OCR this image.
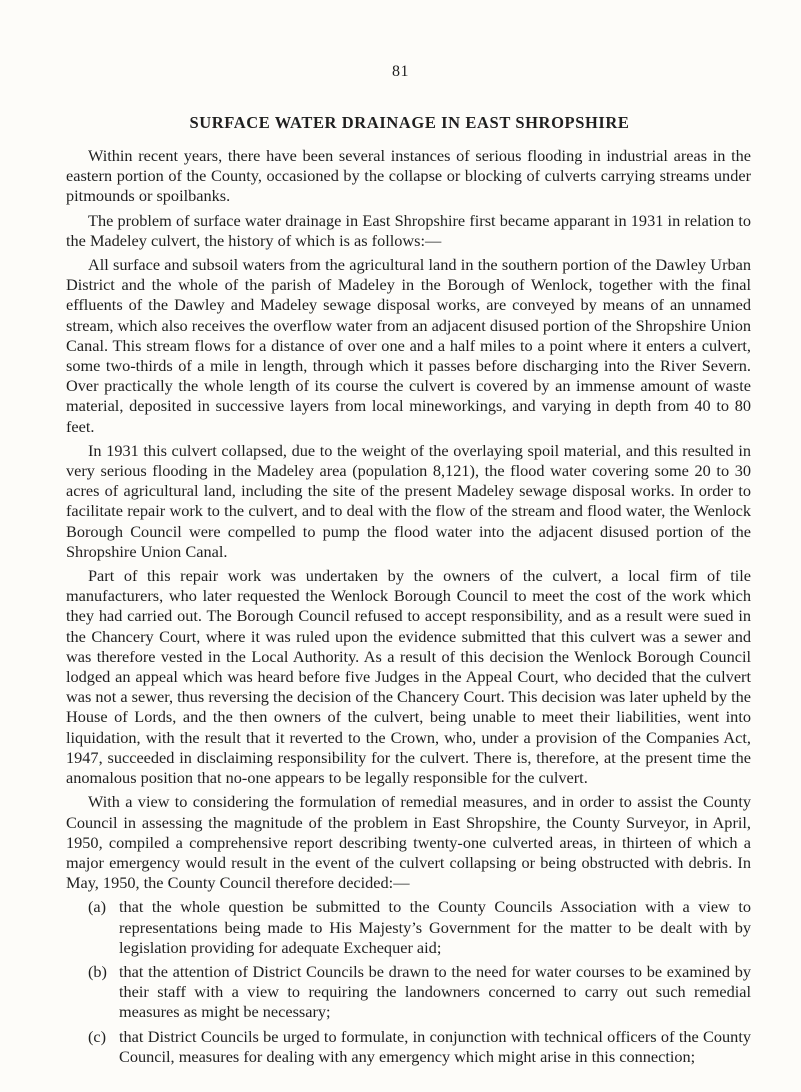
81
SURFACE WATER DRAINAGE IN EAST SHROPSHIRE

Within recent years, there have been several instances of serious flooding in industrial areas in the eastern portion of the County, occasioned by the collapse or blocking of culverts carrying streams under pitmounds or spoilbanks.

The problem of surface water drainage in East Shropshire first became apparant in 1931 in relation to the Madeley culvert, the history of which is as follows:—

All surface and subsoil waters from the agricultural land in the southern portion of the Dawley Urban District and the whole of the parish of Madeley in the Borough of Wenlock, together with the final effluents of the Dawley and Madeley sewage disposal works, are conveyed by means of an unnamed stream, which also receives the overflow water from an adjacent disused portion of the Shropshire Union Canal. This stream flows for a distance of over one and a half miles to a point where it enters a culvert, some two-thirds of a mile in length, through which it passes before discharging into the River Severn. Over practically the whole length of its course the culvert is covered by an immense amount of waste material, deposited in successive layers from local mineworkings, and varying in depth from 40 to 80 feet.

In 1931 this culvert collapsed, due to the weight of the overlaying spoil material, and this resulted in very serious flooding in the Madeley area (population 8,121), the flood water covering some 20 to 30 acres of agricultural land, including the site of the present Madeley sewage disposal works. In order to facilitate repair work to the culvert, and to deal with the flow of the stream and flood water, the Wenlock Borough Council were compelled to pump the flood water into the adjacent disused portion of the Shropshire Union Canal.

Part of this repair work was undertaken by the owners of the culvert, a local firm of tile manufacturers, who later requested the Wenlock Borough Council to meet the cost of the work which they had carried out. The Borough Council refused to accept responsibility, and as a result were sued in the Chancery Court, where it was ruled upon the evidence submitted that this culvert was a sewer and was therefore vested in the Local Authority. As a result of this decision the Wenlock Borough Council lodged an appeal which was heard before five Judges in the Appeal Court, who decided that the culvert was not a sewer, thus reversing the decision of the Chancery Court. This decision was later upheld by the House of Lords, and the then owners of the culvert, being unable to meet their liabilities, went into liquidation, with the result that it reverted to the Crown, who, under a provision of the Companies Act, 1947, succeeded in disclaiming responsibility for the culvert. There is, therefore, at the present time the anomalous position that no-one appears to be legally responsible for the culvert.

With a view to considering the formulation of remedial measures, and in order to assist the County Council in assessing the magnitude of the problem in East Shropshire, the County Surveyor, in April, 1950, compiled a comprehensive report describing twenty-one culverted areas, in thirteen of which a major emergency would result in the event of the culvert collapsing or being obstructed with debris. In May, 1950, the County Council therefore decided:—

(a) that the whole question be submitted to the County Councils Association with a view to representations being made to His Majesty’s Government for the matter to be dealt with by legislation providing for adequate Exchequer aid;
(b) that the attention of District Councils be drawn to the need for water courses to be examined by their staff with a view to requiring the landowners concerned to carry out such remedial measures as might be necessary;
(c) that District Councils be urged to formulate, in conjunction with technical officers of the County Council, measures for dealing with any emergency which might arise in this connection;
